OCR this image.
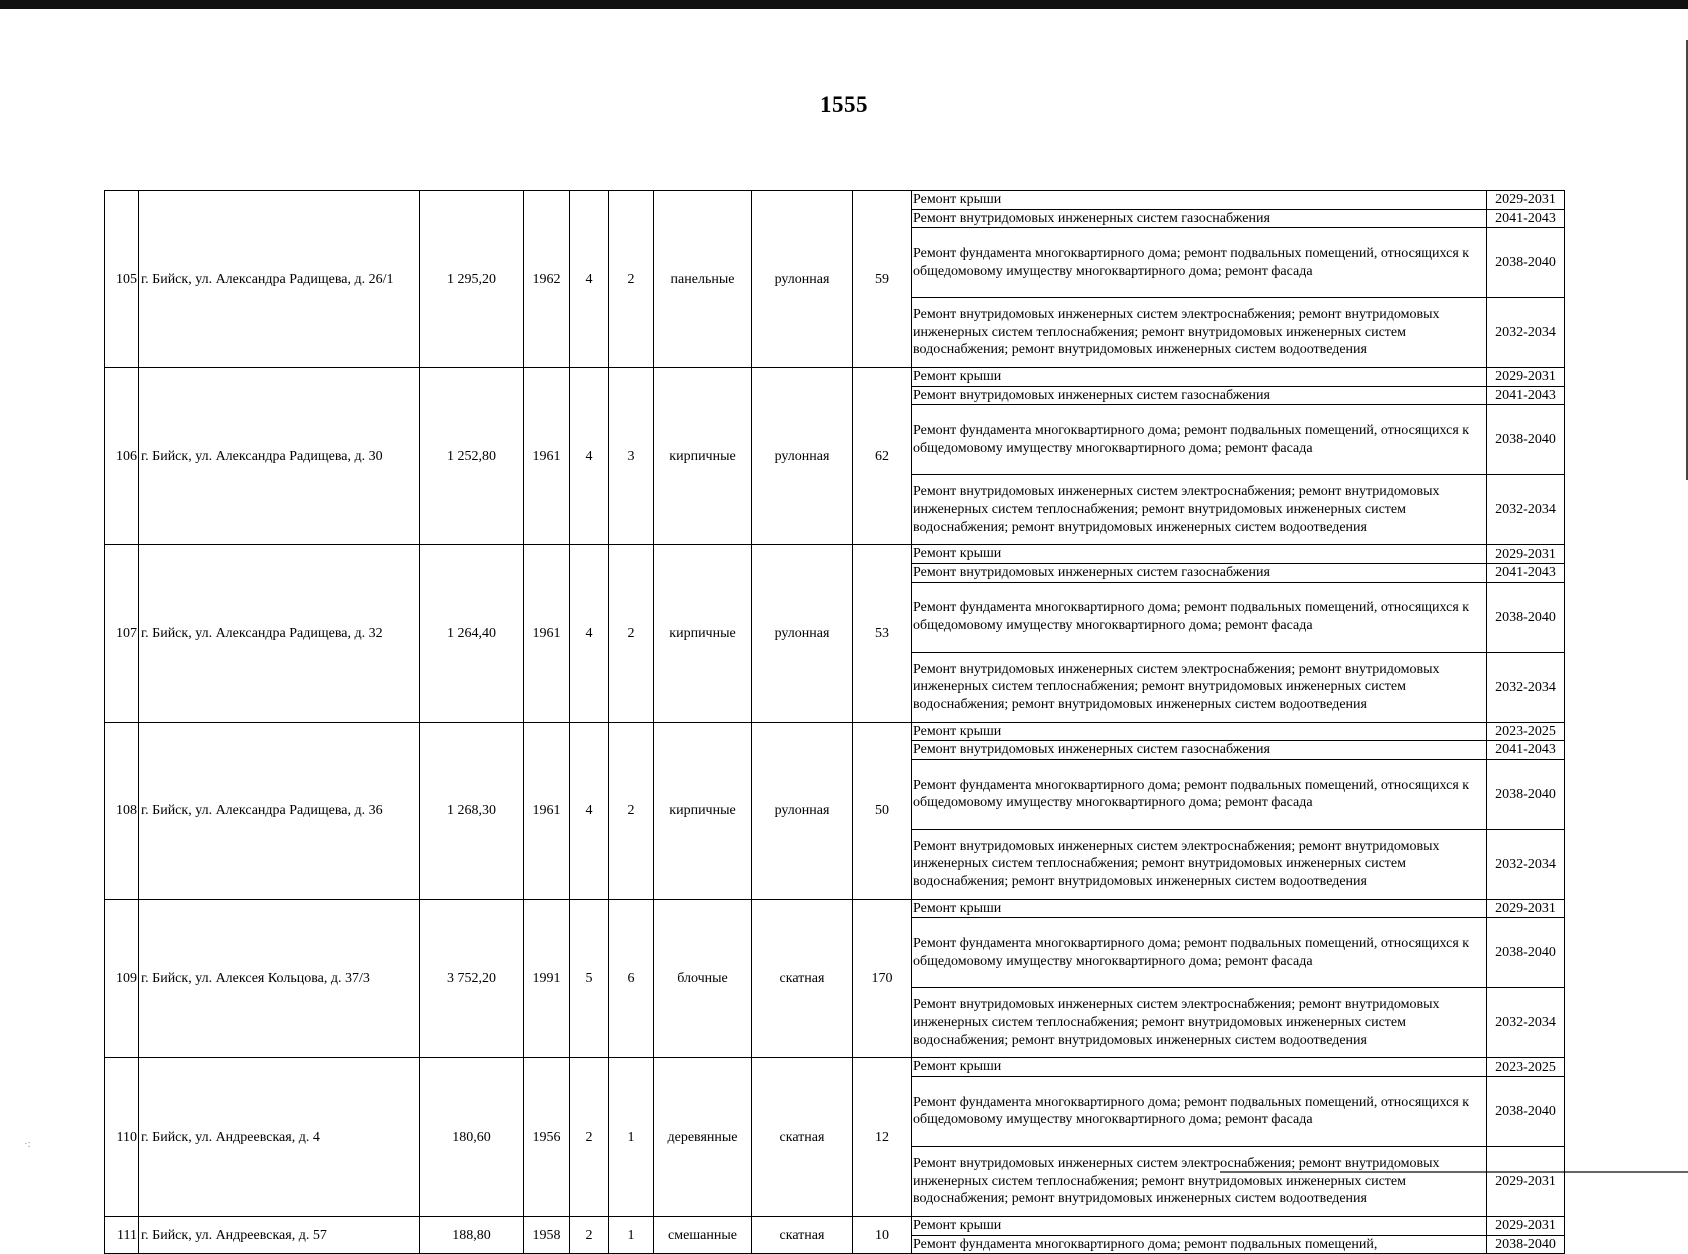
1555
105	г. Бийск, ул. Александра Радищева, д. 26/1	1 295,20	1962	4	2	панельные	рулонная	59	Ремонт крыши	2029-2031
									Ремонт внутридомовых инженерных систем газоснабжения	2041-2043
									Ремонт фундамента многоквартирного дома; ремонт подвальных помещений, относящихся к общедомовому имуществу многоквартирного дома; ремонт фасада	2038-2040
									Ремонт внутридомовых инженерных систем электроснабжения; ремонт внутридомовых инженерных систем теплоснабжения; ремонт внутридомовых инженерных систем водоснабжения; ремонт внутридомовых инженерных систем водоотведения	2032-2034
106	г. Бийск, ул. Александра Радищева, д. 30	1 252,80	1961	4	3	кирпичные	рулонная	62	Ремонт крыши	2029-2031
									Ремонт внутридомовых инженерных систем газоснабжения	2041-2043
									Ремонт фундамента многоквартирного дома; ремонт подвальных помещений, относящихся к общедомовому имуществу многоквартирного дома; ремонт фасада	2038-2040
									Ремонт внутридомовых инженерных систем электроснабжения; ремонт внутридомовых инженерных систем теплоснабжения; ремонт внутридомовых инженерных систем водоснабжения; ремонт внутридомовых инженерных систем водоотведения	2032-2034
107	г. Бийск, ул. Александра Радищева, д. 32	1 264,40	1961	4	2	кирпичные	рулонная	53	Ремонт крыши	2029-2031
									Ремонт внутридомовых инженерных систем газоснабжения	2041-2043
									Ремонт фундамента многоквартирного дома; ремонт подвальных помещений, относящихся к общедомовому имуществу многоквартирного дома; ремонт фасада	2038-2040
									Ремонт внутридомовых инженерных систем электроснабжения; ремонт внутридомовых инженерных систем теплоснабжения; ремонт внутридомовых инженерных систем водоснабжения; ремонт внутридомовых инженерных систем водоотведения	2032-2034
108	г. Бийск, ул. Александра Радищева, д. 36	1 268,30	1961	4	2	кирпичные	рулонная	50	Ремонт крыши	2023-2025
									Ремонт внутридомовых инженерных систем газоснабжения	2041-2043
									Ремонт фундамента многоквартирного дома; ремонт подвальных помещений, относящихся к общедомовому имуществу многоквартирного дома; ремонт фасада	2038-2040
									Ремонт внутридомовых инженерных систем электроснабжения; ремонт внутридомовых инженерных систем теплоснабжения; ремонт внутридомовых инженерных систем водоснабжения; ремонт внутридомовых инженерных систем водоотведения	2032-2034
109	г. Бийск, ул. Алексея Кольцова, д. 37/3	3 752,20	1991	5	6	блочные	скатная	170	Ремонт крыши	2029-2031
									Ремонт фундамента многоквартирного дома; ремонт подвальных помещений, относящихся к общедомовому имуществу многоквартирного дома; ремонт фасада	2038-2040
									Ремонт внутридомовых инженерных систем электроснабжения; ремонт внутридомовых инженерных систем теплоснабжения; ремонт внутридомовых инженерных систем водоснабжения; ремонт внутридомовых инженерных систем водоотведения	2032-2034
110	г. Бийск, ул. Андреевская, д. 4	180,60	1956	2	1	деревянные	скатная	12	Ремонт крыши	2023-2025
									Ремонт фундамента многоквартирного дома; ремонт подвальных помещений, относящихся к общедомовому имуществу многоквартирного дома; ремонт фасада	2038-2040
									Ремонт внутридомовых инженерных систем электроснабжения; ремонт внутридомовых инженерных систем теплоснабжения; ремонт внутридомовых инженерных систем водоснабжения; ремонт внутридомовых инженерных систем водоотведения	2029-2031
111	г. Бийск, ул. Андреевская, д. 57	188,80	1958	2	1	смешанные	скатная	10	Ремонт крыши	2029-2031
									Ремонт фундамента многоквартирного дома; ремонт подвальных помещений,	2038-2040
·:
